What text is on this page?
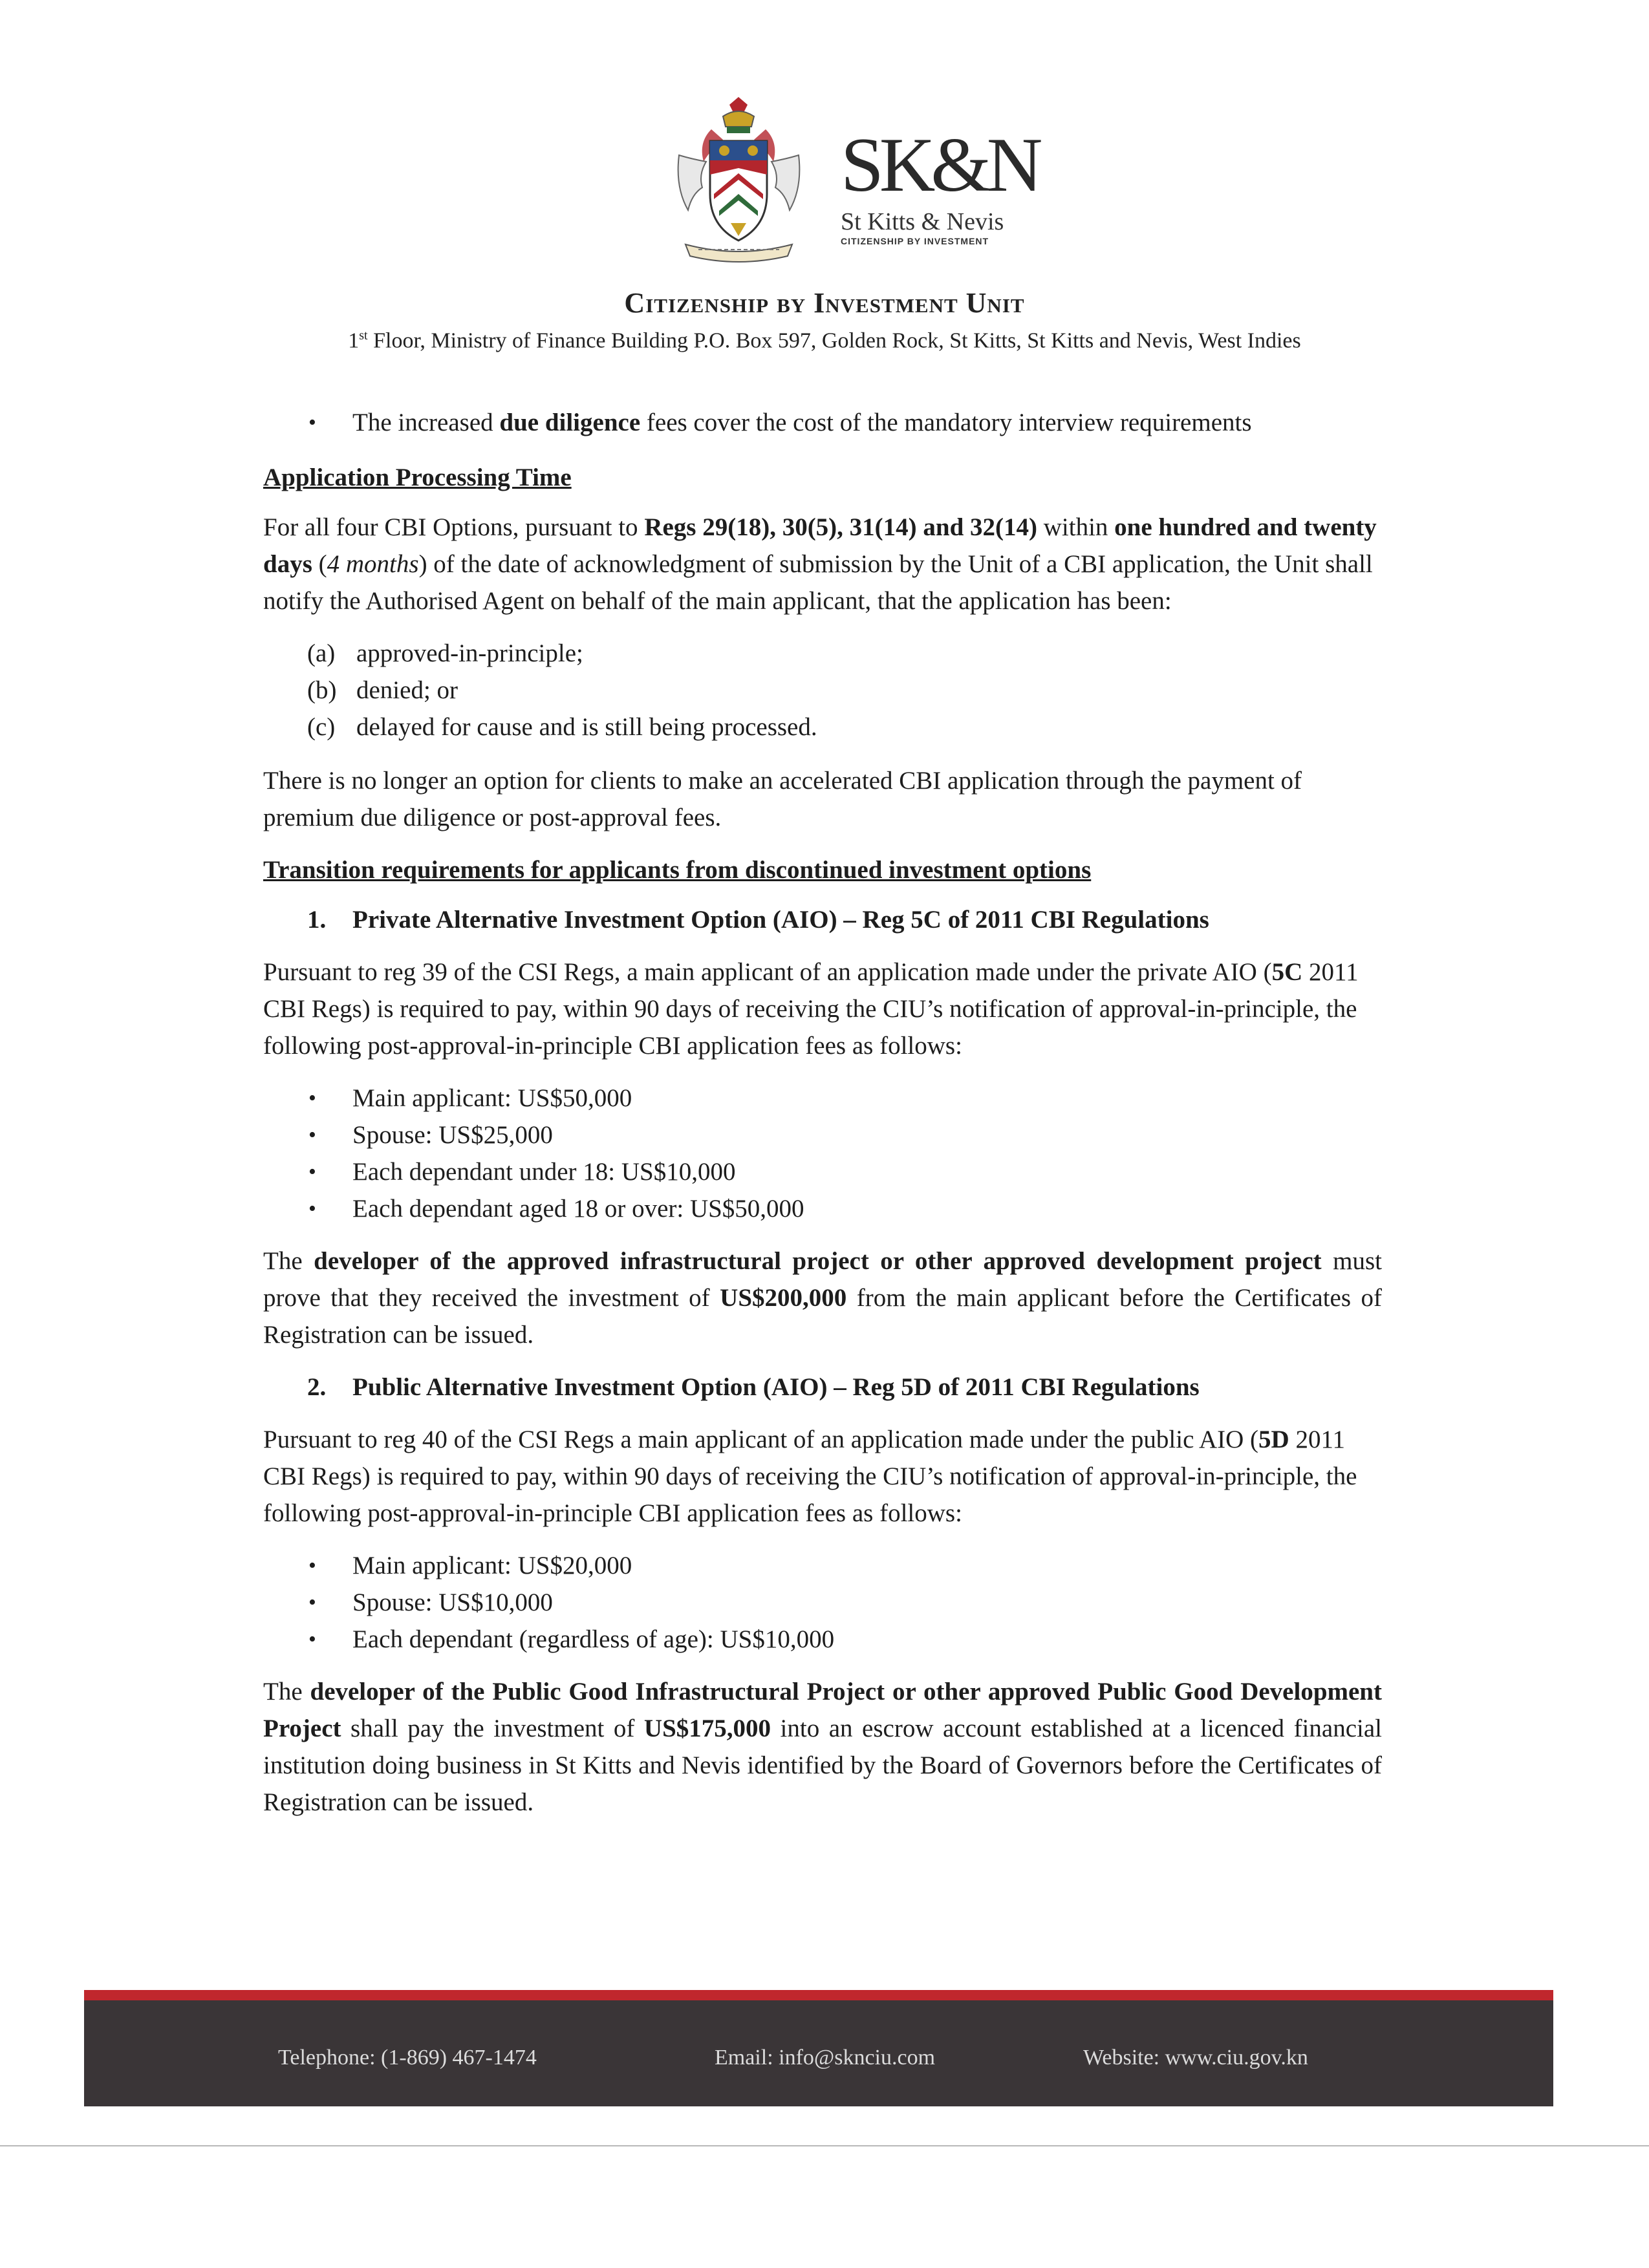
SK&N
St Kitts & Nevis
CITIZENSHIP BY INVESTMENT
Citizenship by Investment Unit
1st Floor, Ministry of Finance Building P.O. Box 597, Golden Rock, St Kitts, St Kitts and Nevis, West Indies
• The increased due diligence fees cover the cost of the mandatory interview requirements
Application Processing Time

For all four CBI Options, pursuant to Regs 29(18), 30(5), 31(14) and 32(14) within one hundred and twenty days (4 months) of the date of acknowledgment of submission by the Unit of a CBI application, the Unit shall notify the Authorised Agent on behalf of the main applicant, that the application has been:

(a) approved-in-principle;
(b) denied; or
(c) delayed for cause and is still being processed.

There is no longer an option for clients to make an accelerated CBI application through the payment of premium due diligence or post-approval fees.

Transition requirements for applicants from discontinued investment options
1. Private Alternative Investment Option (AIO) – Reg 5C of 2011 CBI Regulations

Pursuant to reg 39 of the CSI Regs, a main applicant of an application made under the private AIO (5C 2011 CBI Regs) is required to pay, within 90 days of receiving the CIU’s notification of approval-in-principle, the following post-approval-in-principle CBI application fees as follows:

• Main applicant: US$50,000
• Spouse: US$25,000
• Each dependant under 18: US$10,000
• Each dependant aged 18 or over: US$50,000

The developer of the approved infrastructural project or other approved development project must prove that they received the investment of US$200,000 from the main applicant before the Certificates of Registration can be issued.

2. Public Alternative Investment Option (AIO) – Reg 5D of 2011 CBI Regulations

Pursuant to reg 40 of the CSI Regs a main applicant of an application made under the public AIO (5D 2011 CBI Regs) is required to pay, within 90 days of receiving the CIU’s notification of approval-in-principle, the following post-approval-in-principle CBI application fees as follows:

• Main applicant: US$20,000
• Spouse: US$10,000
• Each dependant (regardless of age): US$10,000

The developer of the Public Good Infrastructural Project or other approved Public Good Development Project shall pay the investment of US$175,000 into an escrow account established at a licenced financial institution doing business in St Kitts and Nevis identified by the Board of Governors before the Certificates of Registration can be issued.

Telephone: (1-869) 467-1474	Email: info@sknciu.com	Website: www.ciu.gov.kn
